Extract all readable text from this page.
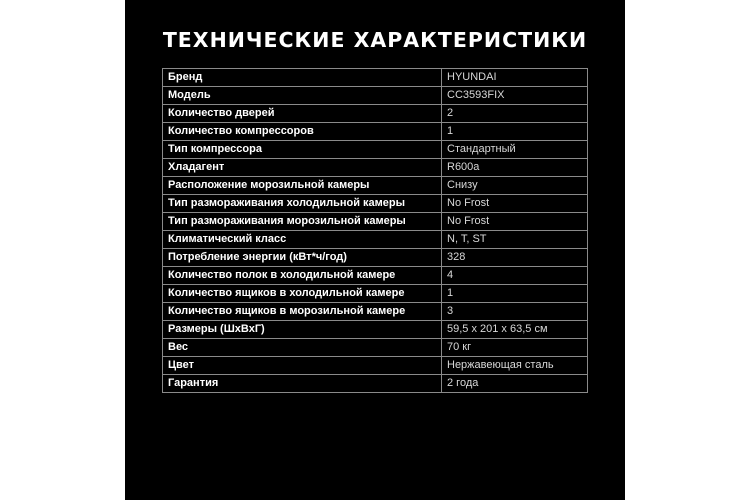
ТЕХНИЧЕСКИЕ ХАРАКТЕРИСТИКИ
Бренд	HYUNDAI
Модель	CC3593FIX
Количество дверей	2
Количество компрессоров	1
Тип компрессора	Стандартный
Хладагент	R600a
Расположение морозильной камеры	Снизу
Тип размораживания холодильной камеры	No Frost
Тип размораживания морозильной камеры	No Frost
Климатический класс	N, T, ST
Потребление энергии (кВт*ч/год)	328
Количество полок в холодильной камере	4
Количество ящиков в холодильной камере	1
Количество ящиков в морозильной камере	3
Размеры (ШхВхГ)	59,5 х 201 х 63,5 см
Вес	70 кг
Цвет	Нержавеющая сталь
Гарантия	2 года
